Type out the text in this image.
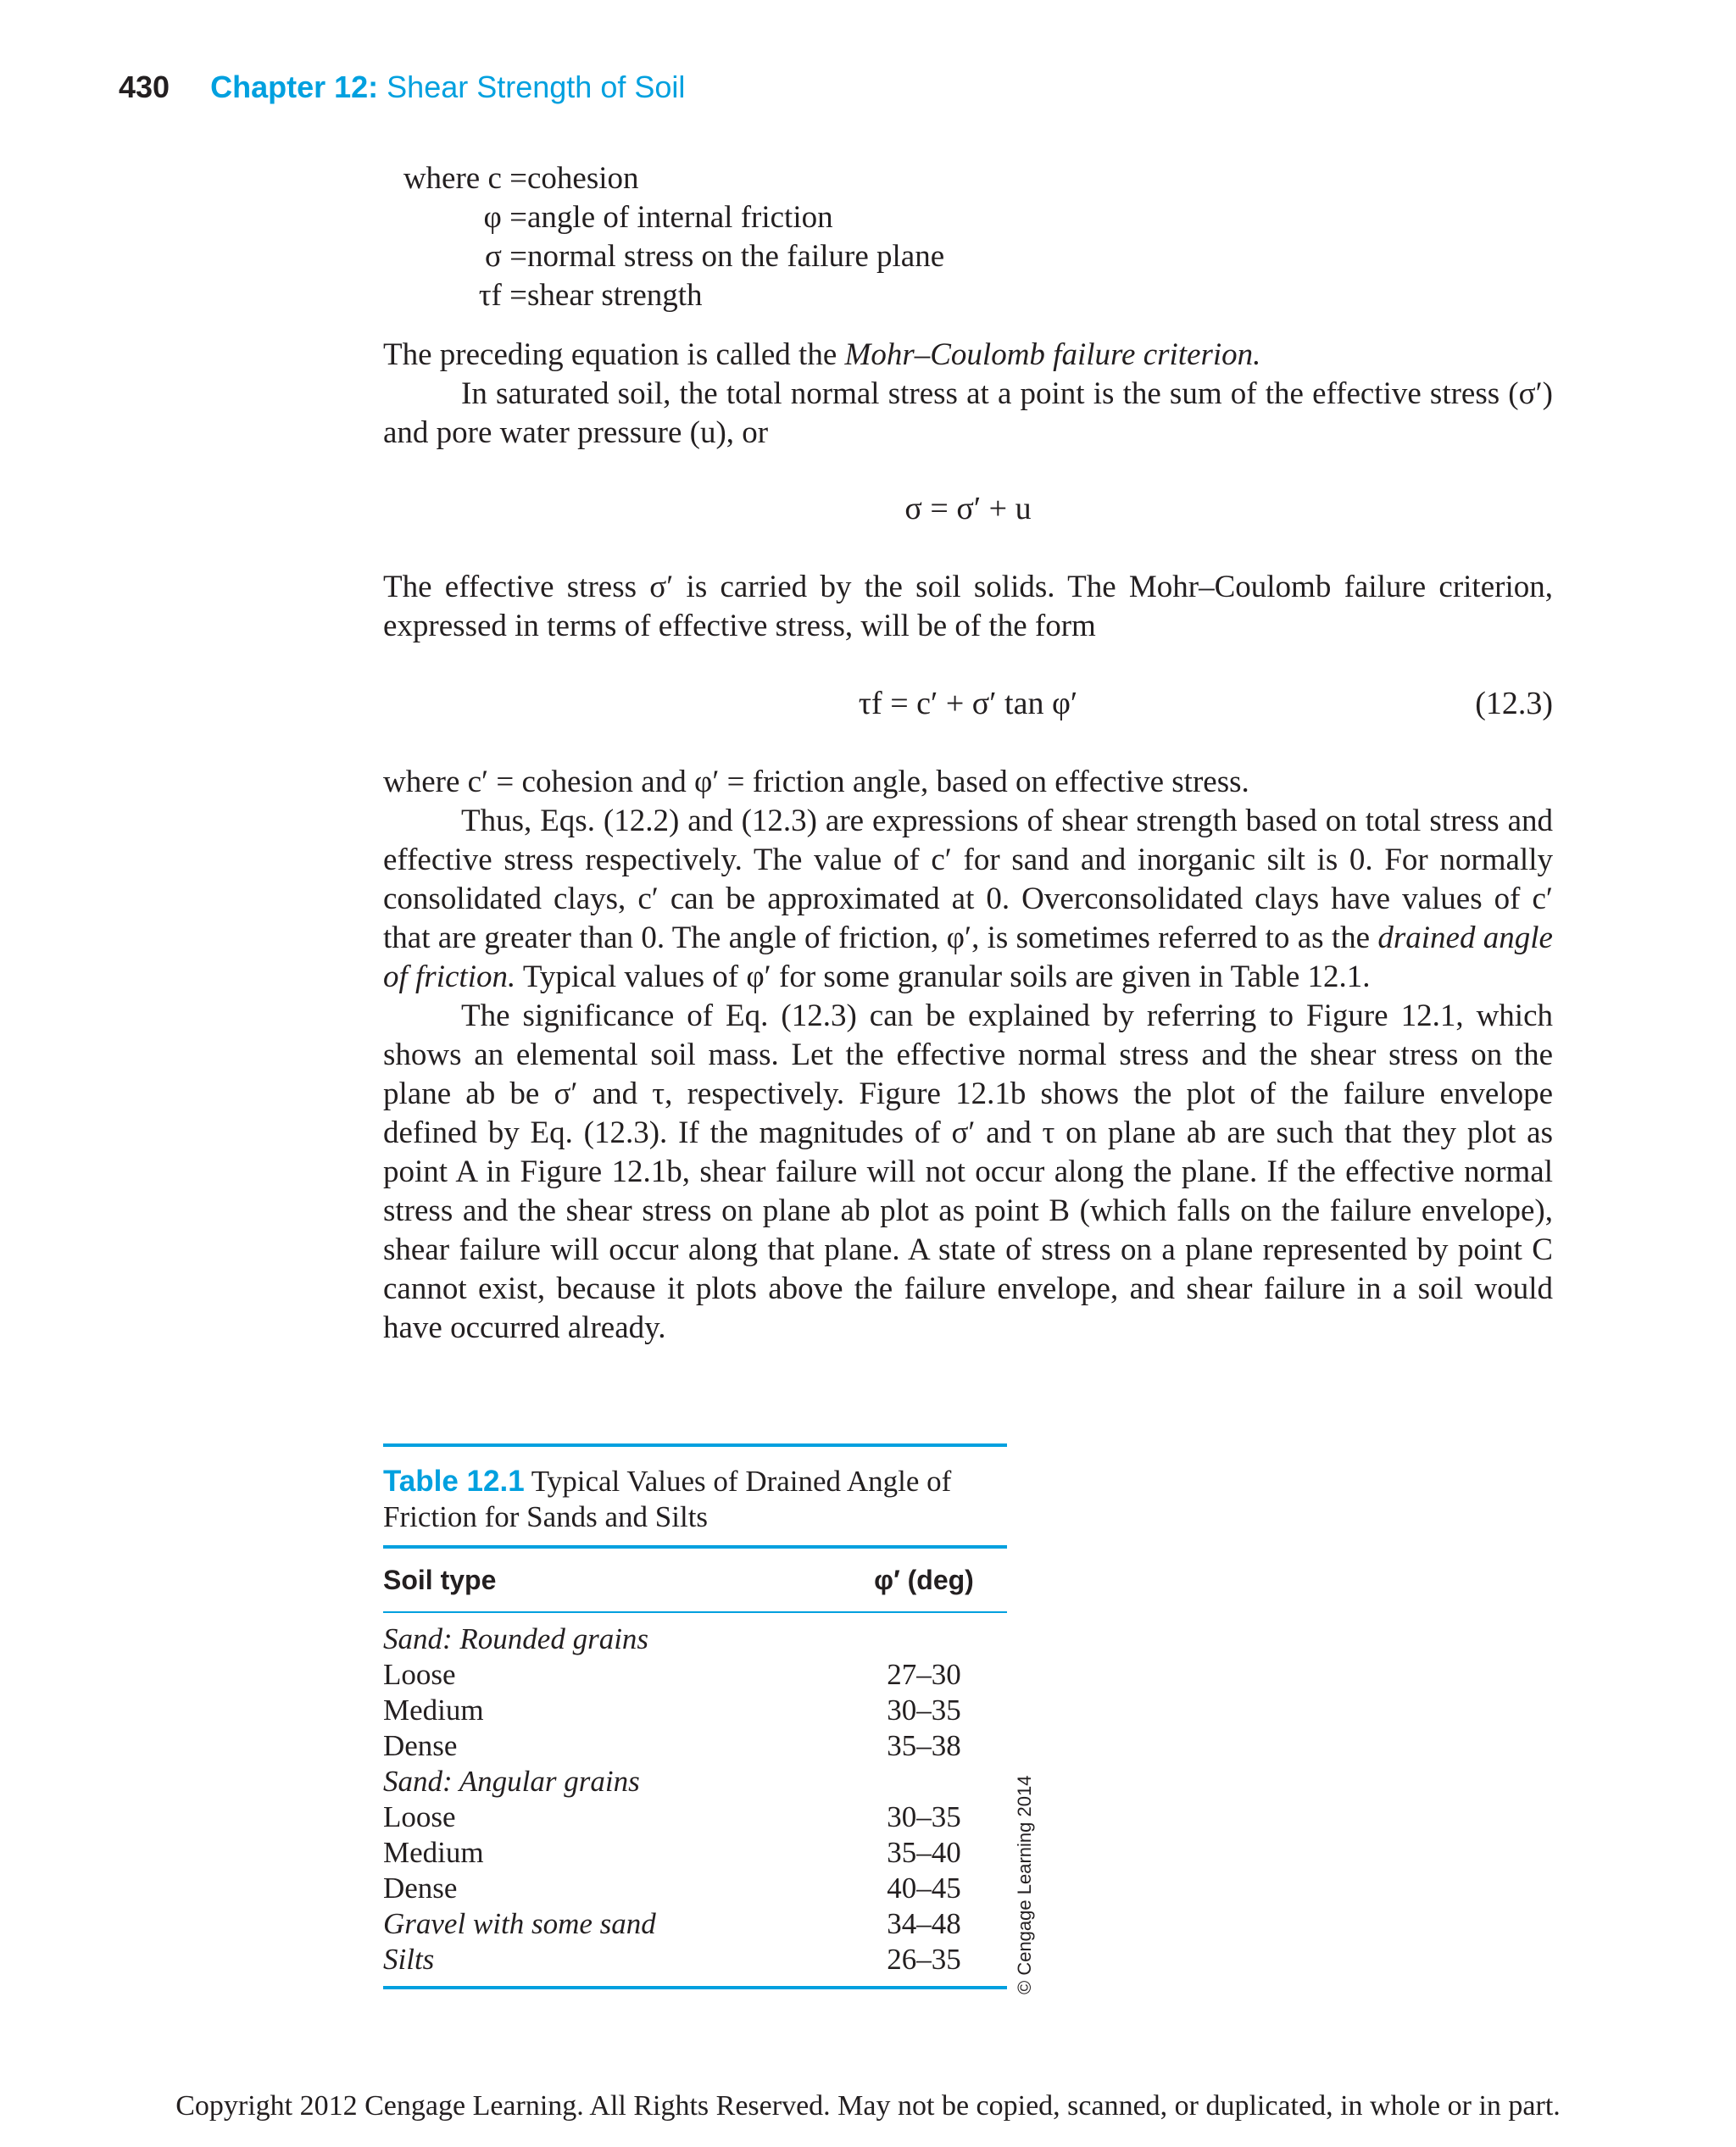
430 Chapter 12: Shear Strength of Soil
where c = cohesion
φ = angle of internal friction
σ = normal stress on the failure plane
τf = shear strength

The preceding equation is called the Mohr–Coulomb failure criterion.

In saturated soil, the total normal stress at a point is the sum of the effective stress (σ′) and pore water pressure (u), or

σ = σ′ + u

The effective stress σ′ is carried by the soil solids. The Mohr–Coulomb failure criterion, expressed in terms of effective stress, will be of the form

τf = c′ + σ′ tan φ′	(12.3)

where c′ = cohesion and φ′ = friction angle, based on effective stress.

Thus, Eqs. (12.2) and (12.3) are expressions of shear strength based on total stress and effective stress respectively. The value of c′ for sand and inorganic silt is 0. For normally consolidated clays, c′ can be approximated at 0. Overconsolidated clays have values of c′ that are greater than 0. The angle of friction, φ′, is sometimes referred to as the drained angle of friction. Typical values of φ′ for some granular soils are given in Table 12.1.

The significance of Eq. (12.3) can be explained by referring to Figure 12.1, which shows an elemental soil mass. Let the effective normal stress and the shear stress on the plane ab be σ′ and τ, respectively. Figure 12.1b shows the plot of the failure envelope defined by Eq. (12.3). If the magnitudes of σ′ and τ on plane ab are such that they plot as point A in Figure 12.1b, shear failure will not occur along the plane. If the effective normal stress and the shear stress on plane ab plot as point B (which falls on the failure envelope), shear failure will occur along that plane. A state of stress on a plane represented by point C cannot exist, because it plots above the failure envelope, and shear failure in a soil would have occurred already.

Table 12.1 Typical Values of Drained Angle of Friction for Sands and Silts
Soil type	φ′ (deg)
Sand: Rounded grains
Loose	27–30
Medium	30–35
Dense	35–38
Sand: Angular grains
Loose	30–35
Medium	35–40
Dense	40–45
Gravel with some sand	34–48
Silts	26–35	© Cengage Learning 2014
Copyright 2012 Cengage Learning. All Rights Reserved. May not be copied, scanned, or duplicated, in whole or in part.
